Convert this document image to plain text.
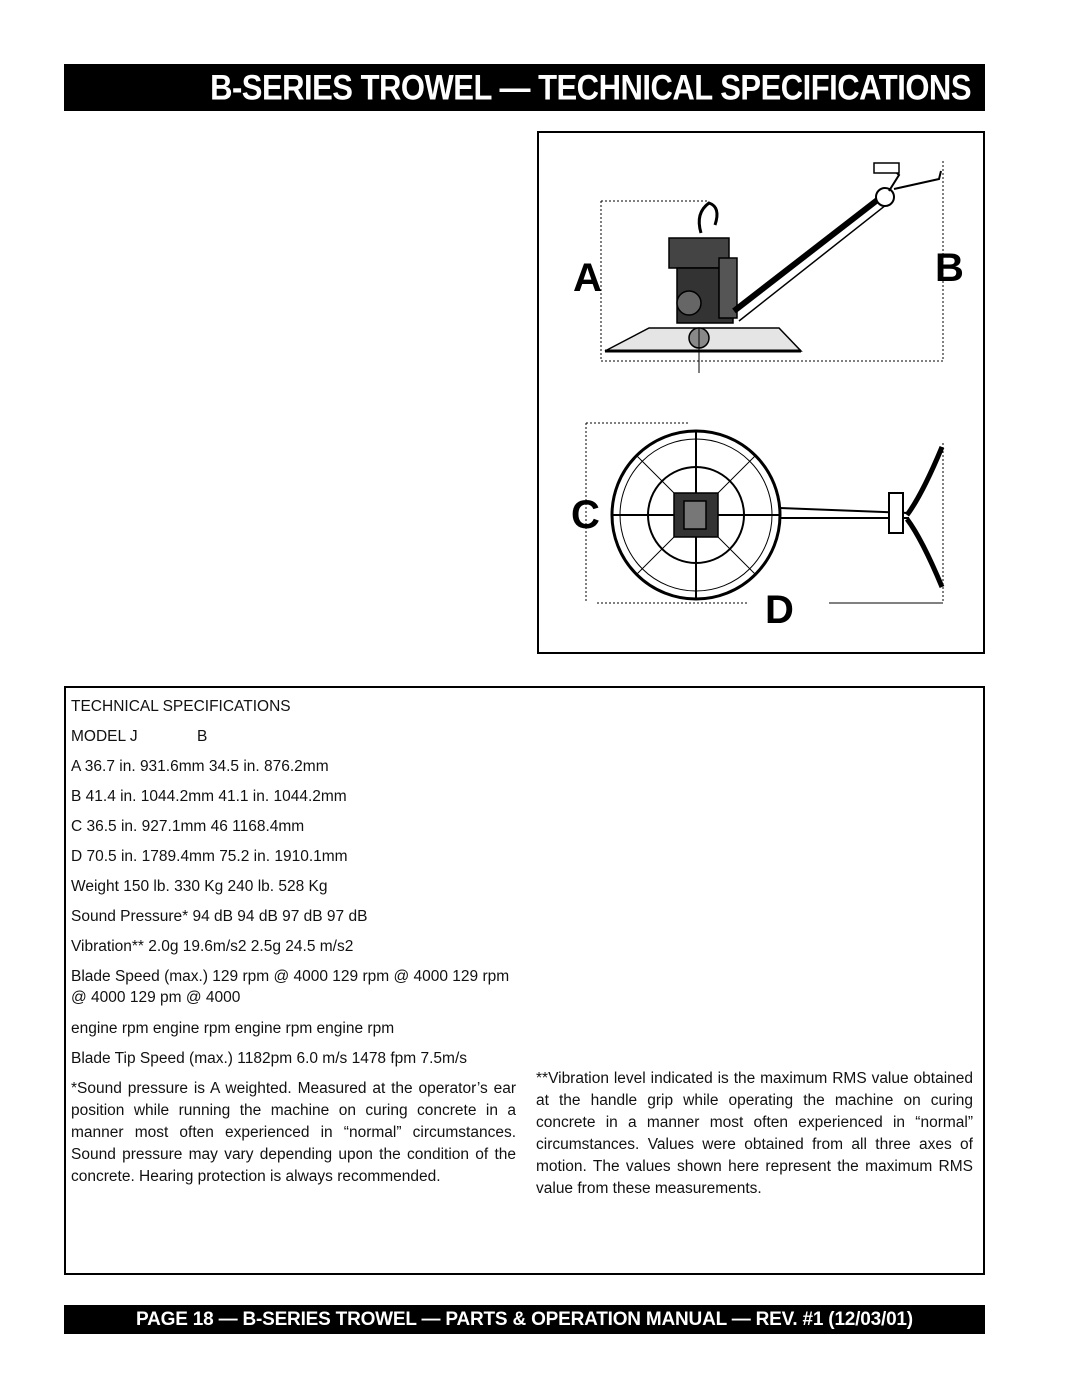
B-SERIES TROWEL — TECHNICAL SPECIFICATIONS
A	B
C
D
TECHNICAL SPECIFICATIONS
MODEL J	B
A 36.7 in. 931.6mm 34.5 in. 876.2mm
B 41.4 in. 1044.2mm 41.1 in. 1044.2mm
C 36.5 in. 927.1mm 46 1168.4mm
D 70.5 in. 1789.4mm 75.2 in. 1910.1mm
Weight 150 lb. 330 Kg 240 lb. 528 Kg
Sound Pressure* 94 dB 94 dB 97 dB 97 dB
Vibration** 2.0g 19.6m/s2 2.5g 24.5 m/s2
Blade Speed (max.) 129 rpm @ 4000 129 rpm @ 4000 129 rpm @ 4000 129 pm @ 4000
engine rpm engine rpm engine rpm engine rpm
Blade Tip Speed (max.) 1182pm 6.0 m/s 1478 fpm 7.5m/s
*Sound pressure is A weighted. Measured at the operator’s ear position while running the machine on curing concrete in a manner most often experienced in “normal” circumstances. Sound pressure may vary depending upon the condition of the concrete. Hearing protection is always recommended.
**Vibration level indicated is the maximum RMS value obtained at the handle grip while operating the machine on curing concrete in a manner most often experienced in “normal” circumstances. Values were obtained from all three axes of motion. The values shown here represent the maximum RMS value from these measurements.
PAGE 18 — B-SERIES TROWEL — PARTS & OPERATION MANUAL — REV. #1 (12/03/01)
